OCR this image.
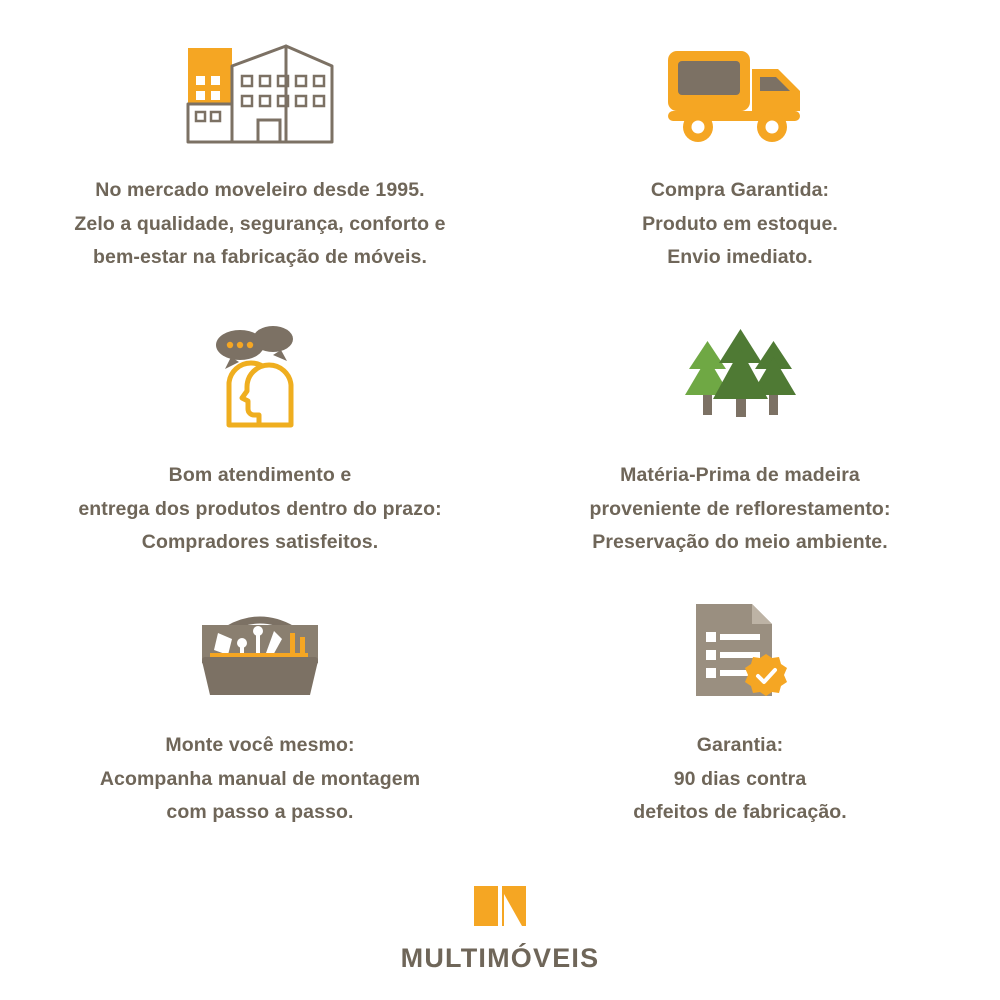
No mercado moveleiro desde 1995.
Zelo a qualidade, segurança, conforto e
bem-estar na fabricação de móveis.
Compra Garantida:
Produto em estoque.
Envio imediato.
Bom atendimento e
entrega dos produtos dentro do prazo:
Compradores satisfeitos.
Matéria-Prima de madeira
proveniente de reflorestamento:
Preservação do meio ambiente.
Monte você mesmo:
Acompanha manual de montagem
com passo a passo.
Garantia:
90 dias contra
defeitos de fabricação.
MULTIMÓVEIS
